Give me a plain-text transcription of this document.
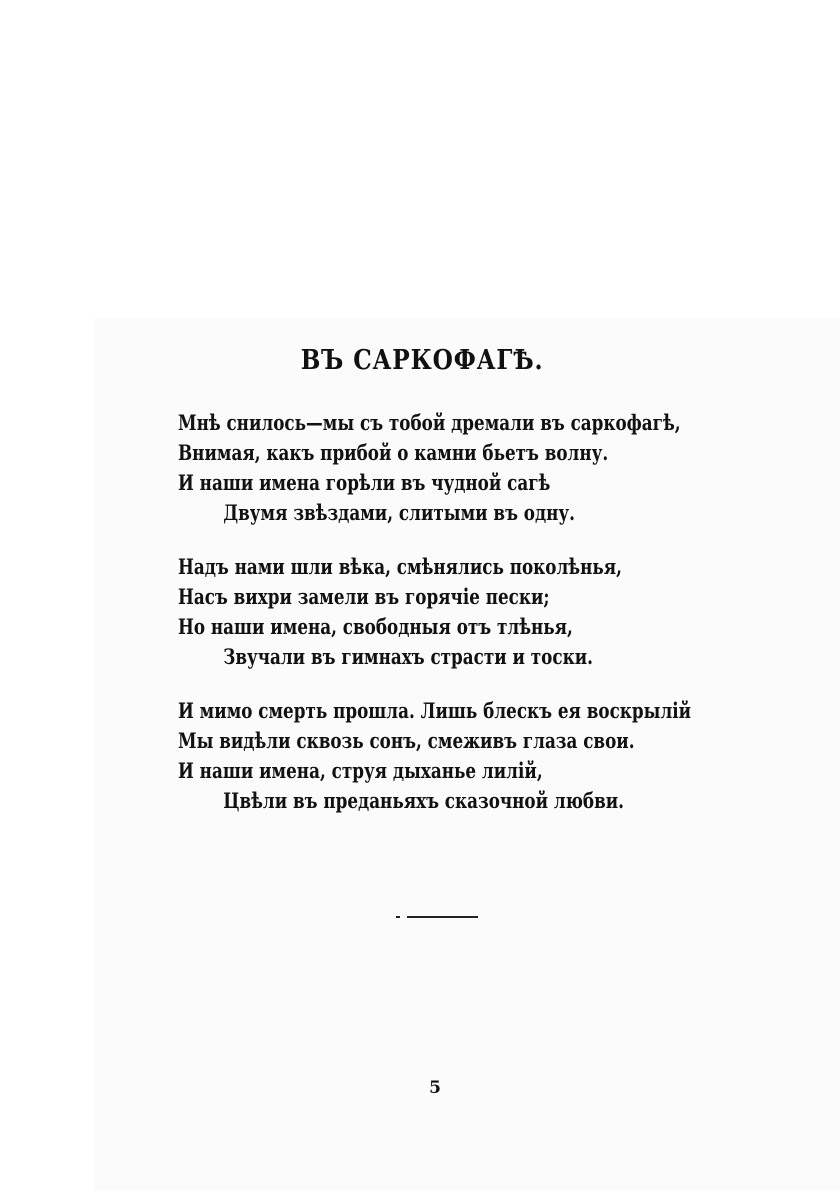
ВЪ САРКОФАГѢ.
Мнѣ снилось—мы съ тобой дремали въ саркофагѣ,
Внимая, какъ прибой о камни бьетъ волну.
И наши имена горѣли въ чудной сагѣ
Двумя звѣздами, слитыми въ одну.
Надъ нами шли вѣка, смѣнялись поколѣнья,
Насъ вихри замели въ горячіе пески;
Но наши имена, свободныя отъ тлѣнья,
Звучали въ гимнахъ страсти и тоски.
И мимо смерть прошла. Лишь блескъ ея воскрылій
Мы видѣли сквозь сонъ, смеживъ глаза свои.
И наши имена, струя дыханье лилій,
Цвѣли въ преданьяхъ сказочной любви.
5
